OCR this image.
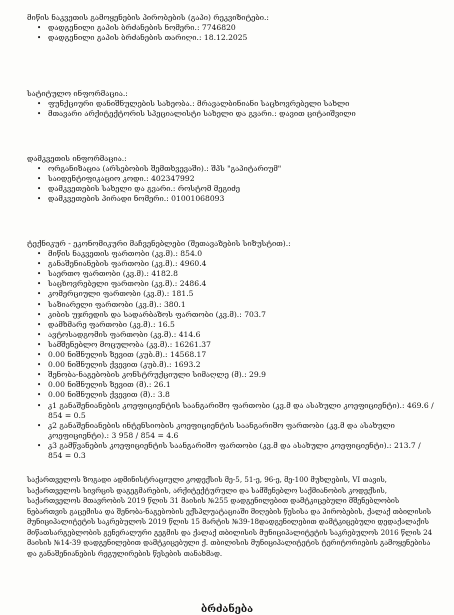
მიწის ნაკვეთის გამოყენების პირობების (გაპი) რეკვიზიტები.:
• დადგენილი გაპის ბრძანების ნომერი.: 7746820
• დადგენილი გაპის ბრძანების თარიღი.: 18.12.2025
სატიტულო ინფორმაცია.:
• ფუნქციური დანიშნულების სახეობა.: მრავალბინიანი საცხოვრებელი სახლი
• მთავარი არქიტექტორის სპეციალისტი სახელი და გვარი.: დავით ციტაიშვილი
დამკვეთის ინფორმაცია.:
• ორგანიზაცია (არსებობის შემთხვევაში).: შპს "გაპიტარიუმ"
• საიდენტიფიკაციო კოდი.: 402347992
• დამკვეთების სახელი და გვარი.: როსტომ მეგიძე
• დამკვეთების პირადი ნომერი.: 01001068093
ტექნიკურ - ეკონომიკური მაჩვენებლები (შეთავაზების სიზუსტით).:
• მიწის ნაკვეთის ფართობი (კვ.მ).: 854.0
• განაშენიანების ფართობი (კვ.მ).: 4960.4
• საერთო ფართობი (კვ.მ).: 4182.8
• საცხოვრებელი ფართობი (კვ.მ).: 2486.4
• კომერციული ფართობი (კვ.მ).: 181.5
• საზიარელი ფართობი (კვ.მ).: 380.1
• კიბის უჯრედის და სადარბაზოს ფართობი (კვ.მ).: 703.7
• დამხმარე ფართობი (კვ.მ).: 16.5
• ავტოსადგომის ფართობი (კვ.მ).: 414.6
• სამშენებლო მოცულობა (კვ.მ).: 16261.37
• 0.00 ნიშნულის ზევით (კუბ.მ).: 14568.17
• 0.00 ნიშნულის ქვევით (კუბ.მ).: 1693.2
• შენობა-ნაგებობის კონსტრუქციული სიმაღლე (მ).: 29.9
• 0.00 ნიშნულის ზევით (მ).: 26.1
• 0.00 ნიშნულის ქვევით (მ).: 3.8
• კ1 განაშენიანების კოეფიციენტის საანგარიშო ფართობი (კვ.მ და ასახული კოეფიციენტი).: 469.6 / 854 = 0.5
• კ2 განაშენიანების ინტენსიობის კოეფიციენტის საანგარიშო ფართობი (კვ.მ და ასახული კოეფიციენტი).: 3 958 / 854 = 4.6
• კ3 გამწვანების კოეფიციენტის საანგარიშო ფართობი (კვ.მ და ასახული კოეფიციენტი).: 213.7 / 854 = 0.3

საქართველოს ზოგადი ადმინისტრაციული კოდექსის მე-5, 51-ე, 96-ე, მე-100 მუხლების, VI თავის, საქართველოს სივრცის დაგეგმარების, არქიტექტურული და სამშენებლო საქმიანობის კოდექსის, საქართველოს მთავრობის 2019 წლის 31 მაისის №255 დადგენილებით დამტკიცებული მშენებლობის ნებართვის გაცემისა და შენობა-ნაგებობის ექსპლუატაციაში მიღების წესისა და პირობების, ქალაქ თბილისის მუნიციპალიტეტის საკრებულოს 2019 წლის 15 მარტის №39-18დადგენილებით დამტკიცებული დედაქალაქის მიწათსარგებლობის გენერალური გეგმის და ქალაქ თბილისის მუნიციპალიტეტის საკრებულოს 2016 წლის 24 მაისის №14-39 დადგენილებით დამტკიცებული ქ. თბილისის მუნიციპალიტეტის ტერიტორიების გამოყენებისა და განაშენიანების რეგულირების წესების თანახმად.

ბრძანება
